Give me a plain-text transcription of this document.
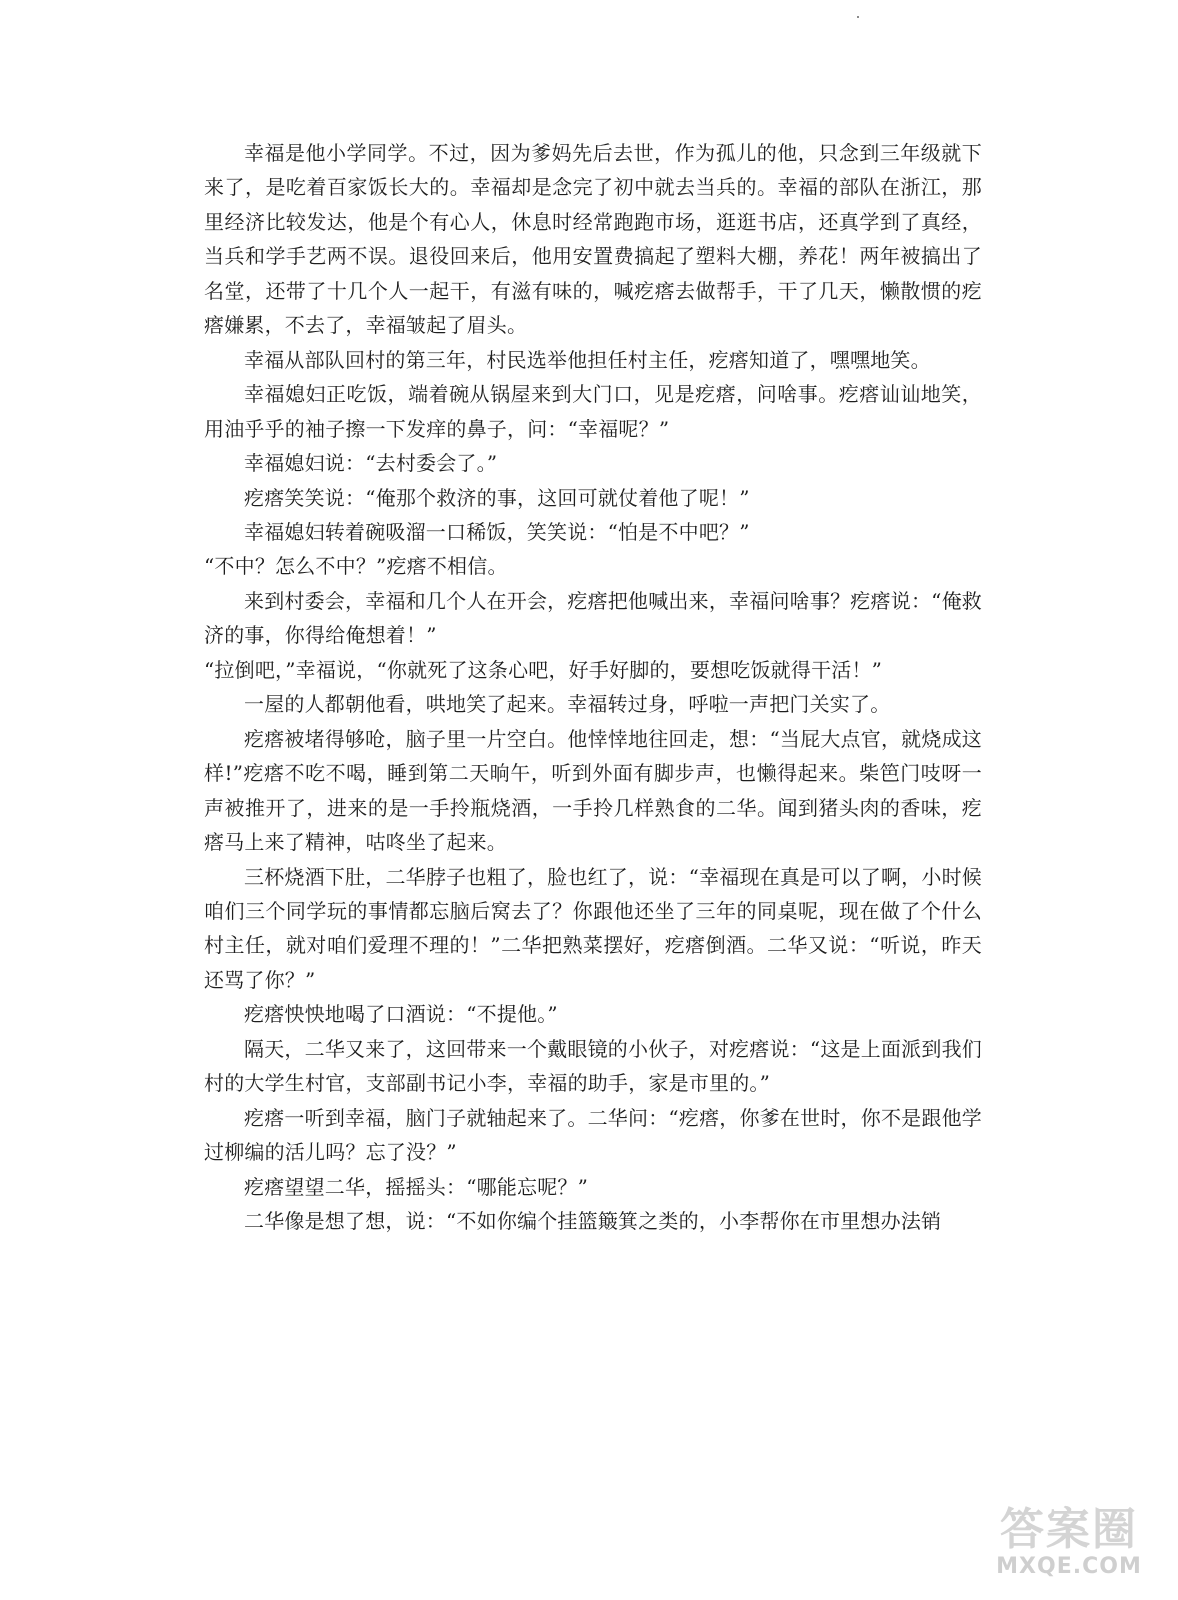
幸福是他小学同学。不过，因为爹妈先后去世，作为孤儿的他，只念到三年级就下来了，是吃着百家饭长大的。幸福却是念完了初中就去当兵的。幸福的部队在浙江，那里经济比较发达，他是个有心人，休息时经常跑跑市场，逛逛书店，还真学到了真经，当兵和学手艺两不误。退役回来后，他用安置费搞起了塑料大棚，养花！两年被搞出了名堂，还带了十几个人一起干，有滋有味的，喊疙瘩去做帮手，干了几天，懒散惯的疙瘩嫌累，不去了，幸福皱起了眉头。

幸福从部队回村的第三年，村民选举他担任村主任，疙瘩知道了，嘿嘿地笑。

幸福媳妇正吃饭，端着碗从锅屋来到大门口，见是疙瘩，问啥事。疙瘩讪讪地笑，用油乎乎的袖子擦一下发痒的鼻子，问：“幸福呢？”

幸福媳妇说：“去村委会了。”

疙瘩笑笑说：“俺那个救济的事，这回可就仗着他了呢！”

幸福媳妇转着碗吸溜一口稀饭，笑笑说：“怕是不中吧？”

“不中？怎么不中？”疙瘩不相信。

来到村委会，幸福和几个人在开会，疙瘩把他喊出来，幸福问啥事？疙瘩说：“俺救济的事，你得给俺想着！”

“拉倒吧，”幸福说，“你就死了这条心吧，好手好脚的，要想吃饭就得干活！”

一屋的人都朝他看，哄地笑了起来。幸福转过身，呼啦一声把门关实了。

疙瘩被堵得够呛，脑子里一片空白。他悻悻地往回走，想：“当屁大点官，就烧成这样!”疙瘩不吃不喝，睡到第二天晌午，听到外面有脚步声，也懒得起来。柴笆门吱呀一声被推开了，进来的是一手拎瓶烧酒，一手拎几样熟食的二华。闻到猪头肉的香味，疙瘩马上来了精神，咕咚坐了起来。

三杯烧酒下肚，二华脖子也粗了，脸也红了，说：“幸福现在真是可以了啊，小时候咱们三个同学玩的事情都忘脑后窝去了？你跟他还坐了三年的同桌呢，现在做了个什么村主任，就对咱们爱理不理的！”二华把熟菜摆好，疙瘩倒酒。二华又说：“听说，昨天还骂了你？”

疙瘩怏怏地喝了口酒说：“不提他。”

隔天，二华又来了，这回带来一个戴眼镜的小伙子，对疙瘩说：“这是上面派到我们村的大学生村官，支部副书记小李，幸福的助手，家是市里的。”

疙瘩一听到幸福，脑门子就轴起来了。二华问：“疙瘩，你爹在世时，你不是跟他学过柳编的活儿吗？忘了没？”

疙瘩望望二华，摇摇头：“哪能忘呢？”

二华像是想了想，说：“不如你编个挂篮簸箕之类的，小李帮你在市里想办法销

答案圈
MXQE.COM
